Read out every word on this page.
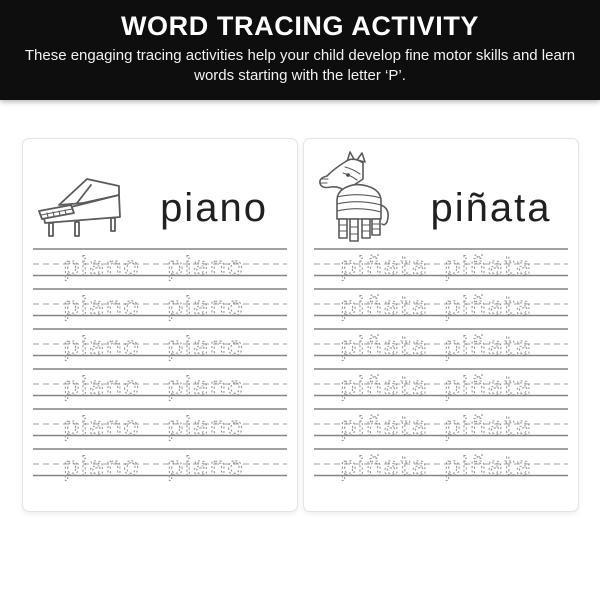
WORD TRACING ACTIVITY

These engaging tracing activities help your child develop fine motor skills and learn
words starting with the letter ‘P’.

piano
piano piano
piano piano
piano piano
piano piano
piano piano
piano piano
piñata
piñata piñata
piñata piñata
piñata piñata
piñata piñata
piñata piñata
piñata piñata
